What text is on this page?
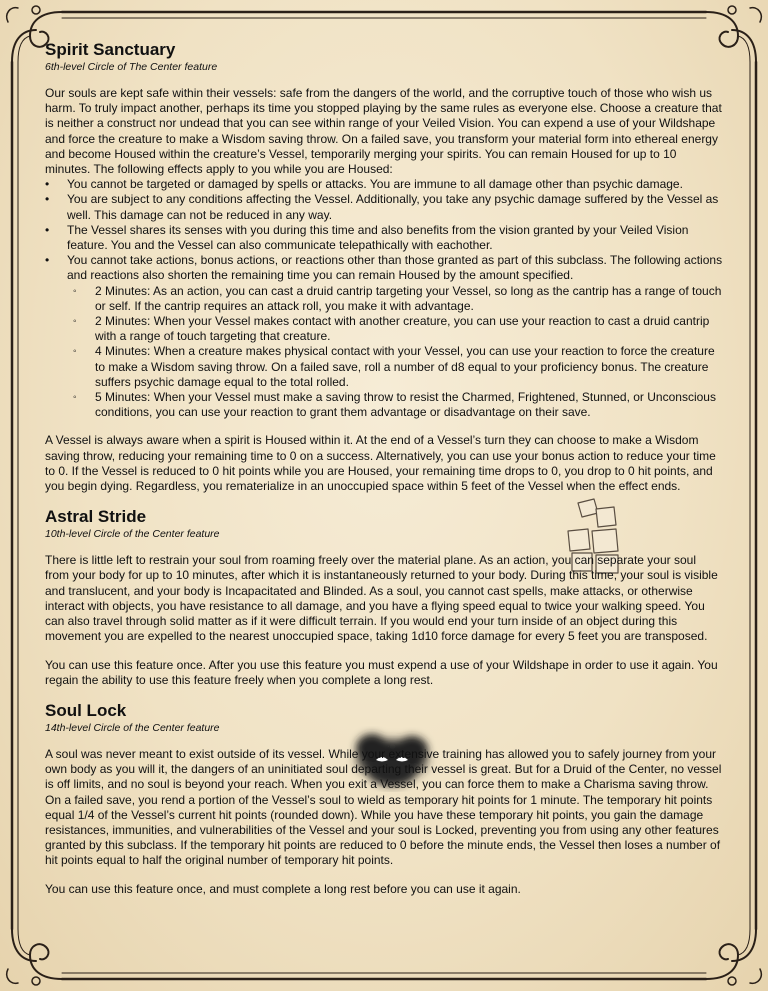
Spirit Sanctuary
6th-level Circle of The Center feature

Our souls are kept safe within their vessels: safe from the dangers of the world, and the corruptive touch of those who wish us harm. To truly impact another, perhaps its time you stopped playing by the same rules as everyone else. Choose a creature that is neither a construct nor undead that you can see within range of your Veiled Vision. You can expend a use of your Wildshape and force the creature to make a Wisdom saving throw. On a failed save, you transform your material form into ethereal energy and become Housed within the creature’s Vessel, temporarily merging your spirits. You can remain Housed for up to 10 minutes. The following effects apply to you while you are Housed:

• You cannot be targeted or damaged by spells or attacks. You are immune to all damage other than psychic damage.
• You are subject to any conditions affecting the Vessel. Additionally, you take any psychic damage suffered by the Vessel as well. This damage can not be reduced in any way.
• The Vessel shares its senses with you during this time and also benefits from the vision granted by your Veiled Vision feature. You and the Vessel can also communicate telepathically with eachother.
• You cannot take actions, bonus actions, or reactions other than those granted as part of this subclass. The following actions and reactions also shorten the remaining time you can remain Housed by the amount specified.
◦ 2 Minutes: As an action, you can cast a druid cantrip targeting your Vessel, so long as the cantrip has a range of touch or self. If the cantrip requires an attack roll, you make it with advantage.
◦ 2 Minutes: When your Vessel makes contact with another creature, you can use your reaction to cast a druid cantrip with a range of touch targeting that creature.
◦ 4 Minutes: When a creature makes physical contact with your Vessel, you can use your reaction to force the creature to make a Wisdom saving throw. On a failed save, roll a number of d8 equal to your proficiency bonus. The creature suffers psychic damage equal to the total rolled.
◦ 5 Minutes: When your Vessel must make a saving throw to resist the Charmed, Frightened, Stunned, or Unconscious conditions, you can use your reaction to grant them advantage or disadvantage on their save.

A Vessel is always aware when a spirit is Housed within it. At the end of a Vessel’s turn they can choose to make a Wisdom saving throw, reducing your remaining time to 0 on a success. Alternatively, you can use your bonus action to reduce your time to 0. If the Vessel is reduced to 0 hit points while you are Housed, your remaining time drops to 0, you drop to 0 hit points, and you begin dying. Regardless, you rematerialize in an unoccupied space within 5 feet of the Vessel when the effect ends.

Astral Stride
10th-level Circle of the Center feature

There is little left to restrain your soul from roaming freely over the material plane. As an action, you can separate your soul from your body for up to 10 minutes, after which it is instantaneously returned to your body. During this time, your soul is visible and translucent, and your body is Incapacitated and Blinded. As a soul, you cannot cast spells, make attacks, or otherwise interact with objects, you have resistance to all damage, and you have a flying speed equal to twice your walking speed. You can also travel through solid matter as if it were difficult terrain. If you would end your turn inside of an object during this movement you are expelled to the nearest unoccupied space, taking 1d10 force damage for every 5 feet you are transposed.

You can use this feature once. After you use this feature you must expend a use of your Wildshape in order to use it again. You regain the ability to use this feature freely when you complete a long rest.

Soul Lock
14th-level Circle of the Center feature

A soul was never meant to exist outside of its vessel. While your extensive training has allowed you to safely journey from your own body as you will it, the dangers of an uninitiated soul departing their vessel is great. But for a Druid of the Center, no vessel is off limits, and no soul is beyond your reach. When you exit a Vessel, you can force them to make a Charisma saving throw. On a failed save, you rend a portion of the Vessel’s soul to wield as temporary hit points for 1 minute. The temporary hit points equal 1/4 of the Vessel’s current hit points (rounded down). While you have these temporary hit points, you gain the damage resistances, immunities, and vulnerabilities of the Vessel and your soul is Locked, preventing you from using any other features granted by this subclass. If the temporary hit points are reduced to 0 before the minute ends, the Vessel then loses a number of hit points equal to half the original number of temporary hit points.

You can use this feature once, and must complete a long rest before you can use it again.
